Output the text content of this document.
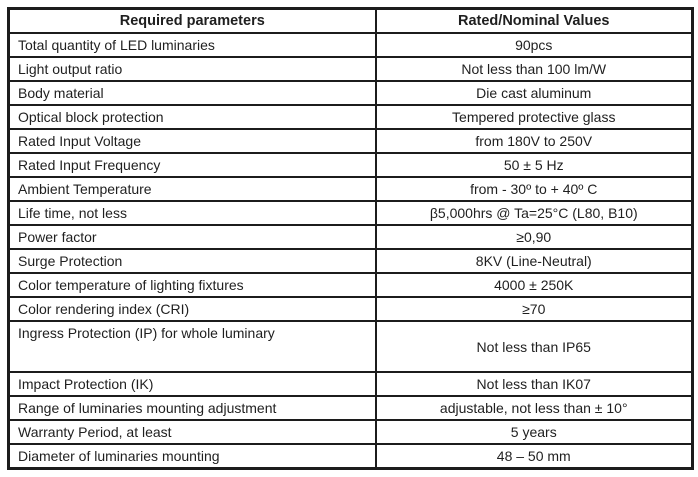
Required parameters	Rated/Nominal Values
Total quantity of LED luminaries	90pcs
Light output ratio	Not less than 100 lm/W
Body material	Die cast aluminum
Optical block protection	Tempered protective glass
Rated Input Voltage	from 180V to 250V
Rated Input Frequency	50 ± 5 Hz
Ambient Temperature	from - 30º to + 40º C
Life time, not less	β5,000hrs @ Ta=25°C (L80, B10)
Power factor	≥0,90
Surge Protection	8KV (Line-Neutral)
Color temperature of lighting fixtures	4000 ± 250K
Color rendering index (CRI)	≥70
Ingress Protection (IP) for whole luminary	Not less than IP65
Impact Protection (IK)	Not less than IK07
Range of luminaries mounting adjustment	adjustable, not less than ± 10°
Warranty Period, at least	5 years
Diameter of luminaries mounting	48 – 50 mm
